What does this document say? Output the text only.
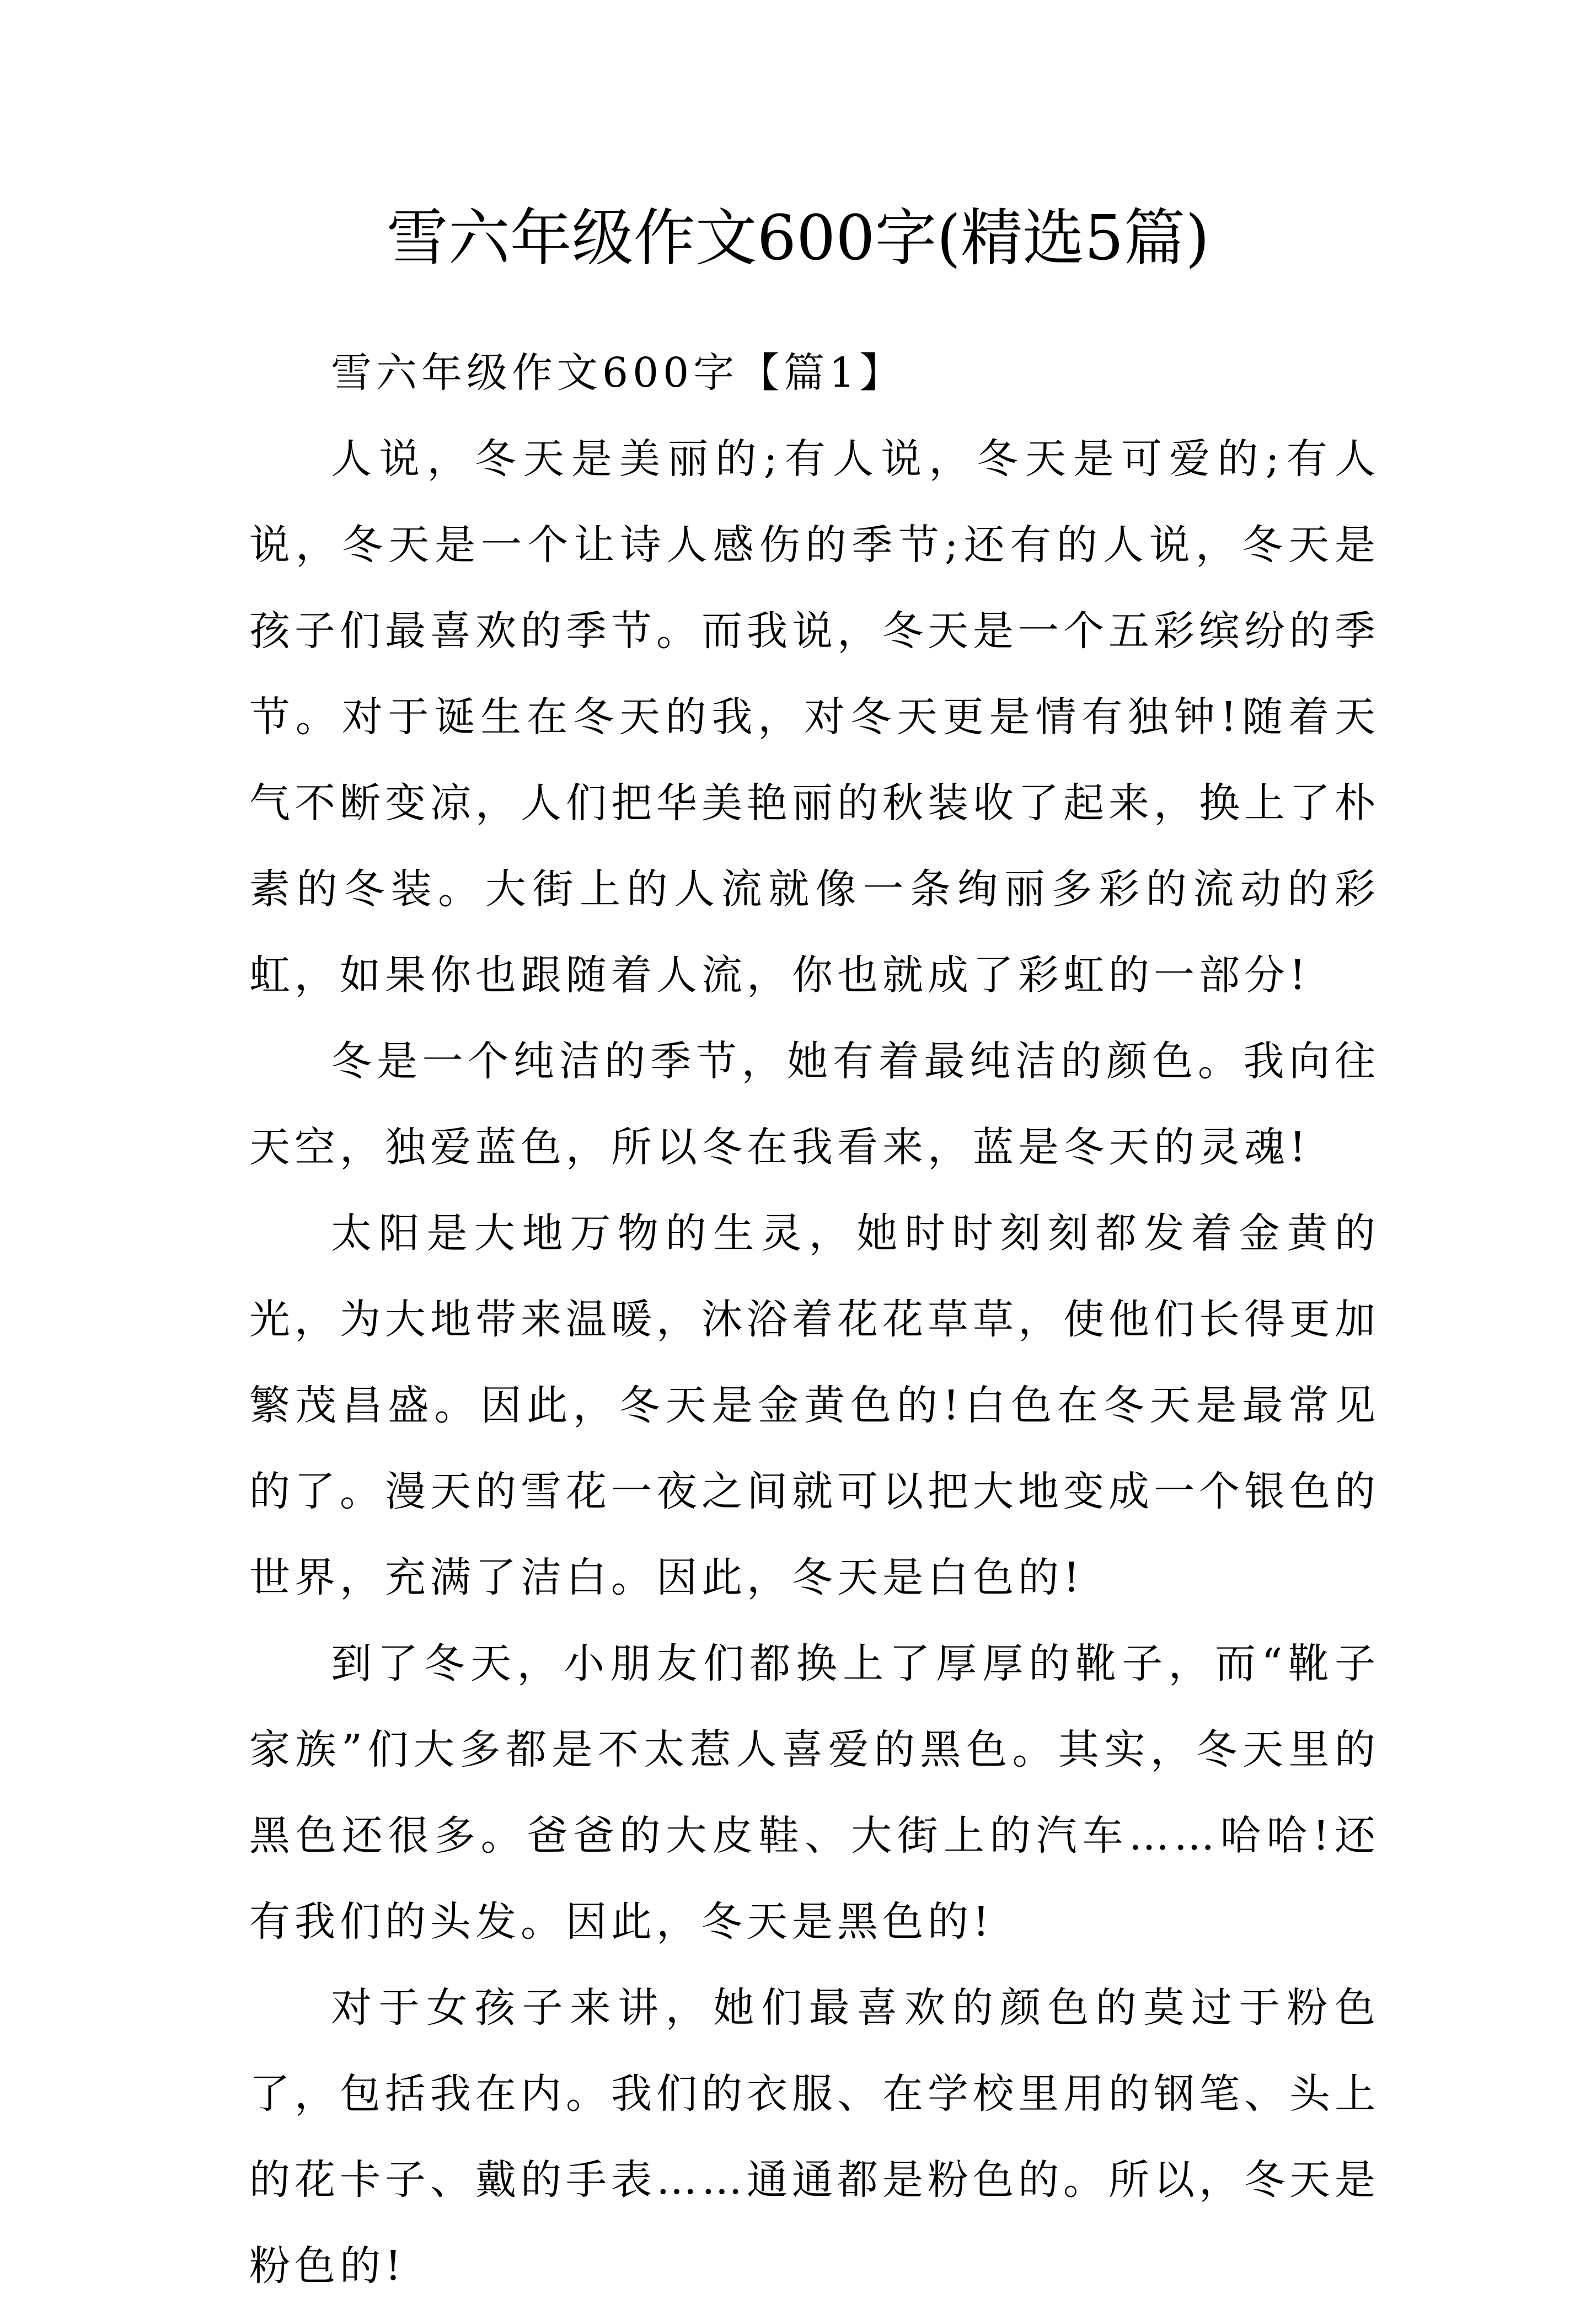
雪六年级作文600字(精选5篇)
雪六年级作文600字【篇1】

人说，冬天是美丽的;有人说，冬天是可爱的;有人说，冬天是一个让诗人感伤的季节;还有的人说，冬天是孩子们最喜欢的季节。而我说，冬天是一个五彩缤纷的季节。对于诞生在冬天的我，对冬天更是情有独钟!随着天气不断变凉，人们把华美艳丽的秋装收了起来，换上了朴素的冬装。大街上的人流就像一条绚丽多彩的流动的彩虹，如果你也跟随着人流，你也就成了彩虹的一部分!

冬是一个纯洁的季节，她有着最纯洁的颜色。我向往天空，独爱蓝色，所以冬在我看来，蓝是冬天的灵魂!

太阳是大地万物的生灵，她时时刻刻都发着金黄的光，为大地带来温暖，沐浴着花花草草，使他们长得更加繁茂昌盛。因此，冬天是金黄色的!白色在冬天是最常见的了。漫天的雪花一夜之间就可以把大地变成一个银色的世界，充满了洁白。因此，冬天是白色的!

到了冬天，小朋友们都换上了厚厚的靴子，而“靴子家族”们大多都是不太惹人喜爱的黑色。其实，冬天里的黑色还很多。爸爸的大皮鞋、大街上的汽车……哈哈!还有我们的头发。因此，冬天是黑色的!

对于女孩子来讲，她们最喜欢的颜色的莫过于粉色了，包括我在内。我们的衣服、在学校里用的钢笔、头上的花卡子、戴的手表……通通都是粉色的。所以，冬天是粉色的!
